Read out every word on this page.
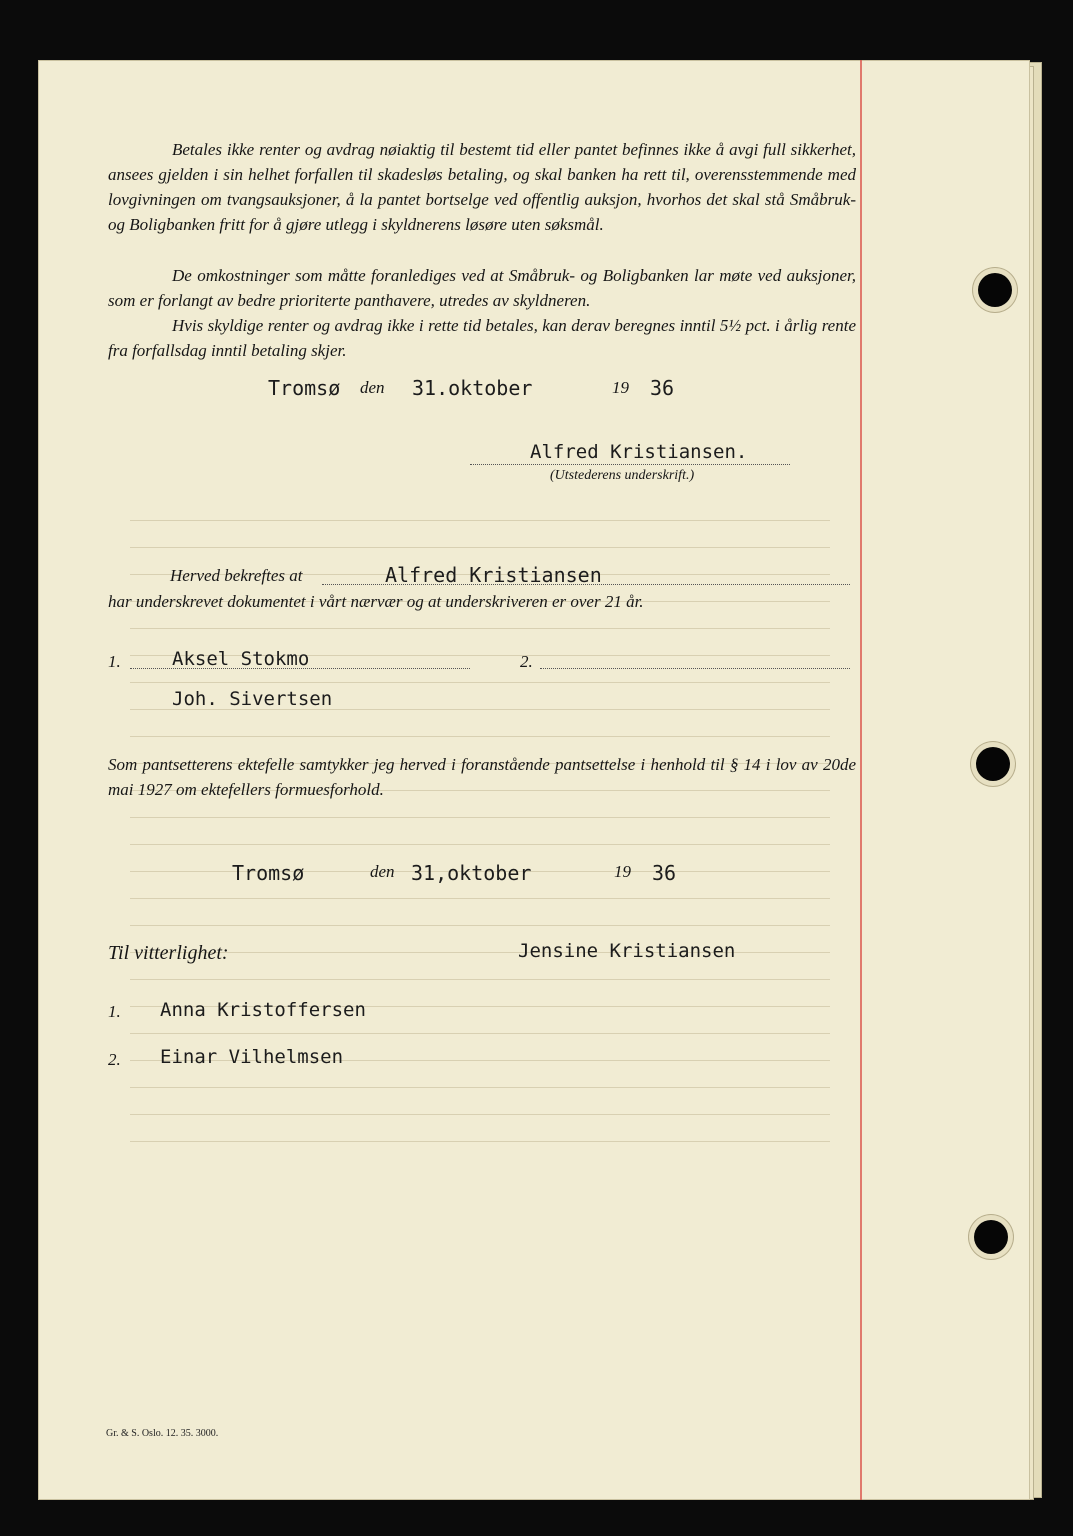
Betales ikke renter og avdrag nøiaktig til bestemt tid eller pantet befinnes ikke å avgi full sikkerhet, ansees gjelden i sin helhet forfallen til skadesløs betaling, og skal banken ha rett til, overensstemmende med lovgivningen om tvangsauksjoner, å la pantet bortselge ved offentlig auksjon, hvorhos det skal stå Småbruk- og Boligbanken fritt for å gjøre utlegg i skyldnerens løsøre uten søksmål.
De omkostninger som måtte foranlediges ved at Småbruk- og Boligbanken lar møte ved auksjoner, som er forlangt av bedre prioriterte panthavere, utredes av skyldneren.
Hvis skyldige renter og avdrag ikke i rette tid betales, kan derav beregnes inntil 5½ pct. i årlig rente fra forfallsdag inntil betaling skjer.
Tromsø den 31.oktober	19 36
Alfred Kristiansen.
(Utstederens underskrift.)
Herved bekreftes at	Alfred Kristiansen
har underskrevet dokumentet i vårt nærvær og at underskriveren er over 21 år.
1.	Aksel Stokmo	2.
Joh. Sivertsen
Som pantsetterens ektefelle samtykker jeg herved i foranstående pantsettelse i henhold til § 14 i lov av 20de mai 1927 om ektefellers formuesforhold.
Tromsø	den 31,oktober	19 36
Til vitterlighet:	Jensine Kristiansen
1. Anna Kristoffersen
2. Einar Vilhelmsen
Gr. & S. Oslo. 12. 35. 3000.
